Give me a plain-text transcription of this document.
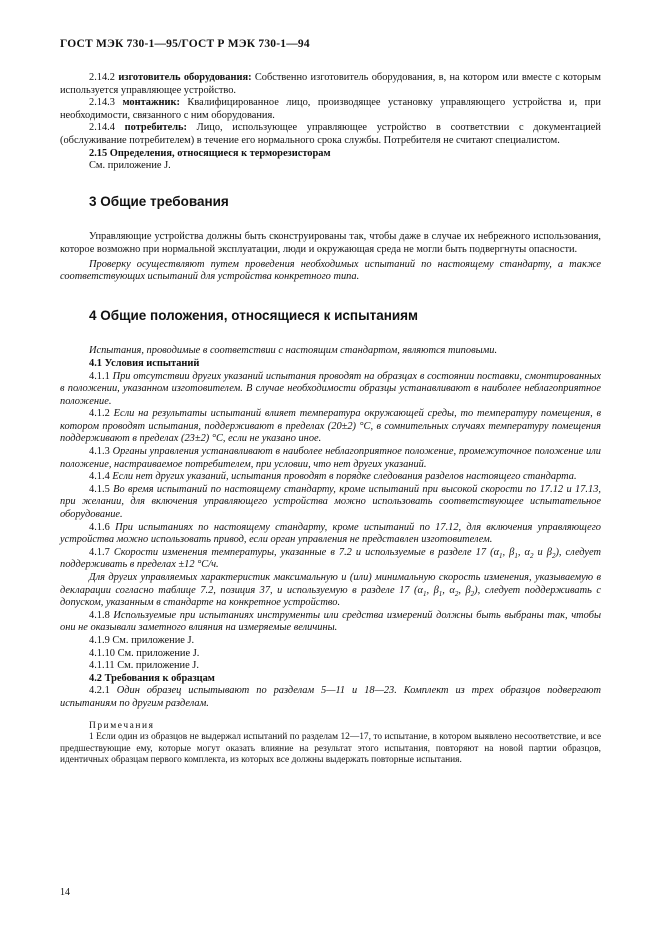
ГОСТ МЭК 730-1—95/ГОСТ Р МЭК 730-1—94

2.14.2 изготовитель оборудования: Собственно изготовитель оборудования, в, на котором или вместе с которым используется управляющее устройство.

2.14.3 монтажник: Квалифицированное лицо, производящее установку управляющего устройства и, при необходимости, связанного с ним оборудования.

2.14.4 потребитель: Лицо, использующее управляющее устройство в соответствии с документацией (обслуживание потребителем) в течение его нормального срока службы. Потребителя не считают специалистом.

2.15 Определения, относящиеся к терморезисторам

См. приложение J.

3 Общие требования

Управляющие устройства должны быть сконструированы так, чтобы даже в случае их небрежного использования, которое возможно при нормальной эксплуатации, люди и окружающая среда не могли быть подвергнуты опасности.

Проверку осуществляют путем проведения необходимых испытаний по настоящему стандарту, а также соответствующих испытаний для устройства конкретного типа.

4 Общие положения, относящиеся к испытаниям

Испытания, проводимые в соответствии с настоящим стандартом, являются типовыми.

4.1 Условия испытаний

4.1.1 При отсутствии других указаний испытания проводят на образцах в состоянии поставки, смонтированных в положении, указанном изготовителем. В случае необходимости образцы устанавливают в наиболее неблагоприятное положение.

4.1.2 Если на результаты испытаний влияет температура окружающей среды, то температуру помещения, в котором проводят испытания, поддерживают в пределах (20±2) °С, в сомнительных случаях температуру помещения поддерживают в пределах (23±2) °С, если не указано иное.

4.1.3 Органы управления устанавливают в наиболее неблагоприятное положение, промежуточное положение или положение, настраиваемое потребителем, при условии, что нет других указаний.

4.1.4 Если нет других указаний, испытания проводят в порядке следования разделов настоящего стандарта.

4.1.5 Во время испытаний по настоящему стандарту, кроме испытаний при высокой скорости по 17.12 и 17.13, при желании, для включения управляющего устройства можно использовать соответствующее испытательное оборудование.

4.1.6 При испытаниях по настоящему стандарту, кроме испытаний по 17.12, для включения управляющего устройства можно использовать привод, если орган управления не представлен изготовителем.

4.1.7 Скорости изменения температуры, указанные в 7.2 и используемые в разделе 17 ($\alpha_1$, $\beta_1$, $\alpha_2$ и $\beta_2$), следует поддерживать в пределах ±12 °С/ч.

Для других управляемых характеристик максимальную и (или) минимальную скорость изменения, указываемую в декларации согласно таблице 7.2, позиция 37, и используемую в разделе 17 ($\alpha_1$, $\beta_1$, $\alpha_2$, $\beta_2$), следует поддерживать с допуском, указанным в стандарте на конкретное устройство.

4.1.8 Используемые при испытаниях инструменты или средства измерений должны быть выбраны так, чтобы они не оказывали заметного влияния на измеряемые величины.

4.1.9 См. приложение J.

4.1.10 См. приложение J.

4.1.11 См. приложение J.

4.2 Требования к образцам

4.2.1 Один образец испытывают по разделам 5—11 и 18—23. Комплект из трех образцов подвергают испытаниям по другим разделам.

Примечания

1 Если один из образцов не выдержал испытаний по разделам 12—17, то испытание, в котором выявлено несоответствие, и все предшествующие ему, которые могут оказать влияние на результат этого испытания, повторяют на новой партии образцов, идентичных образцам первого комплекта, из которых все должны выдержать повторные испытания.

14
